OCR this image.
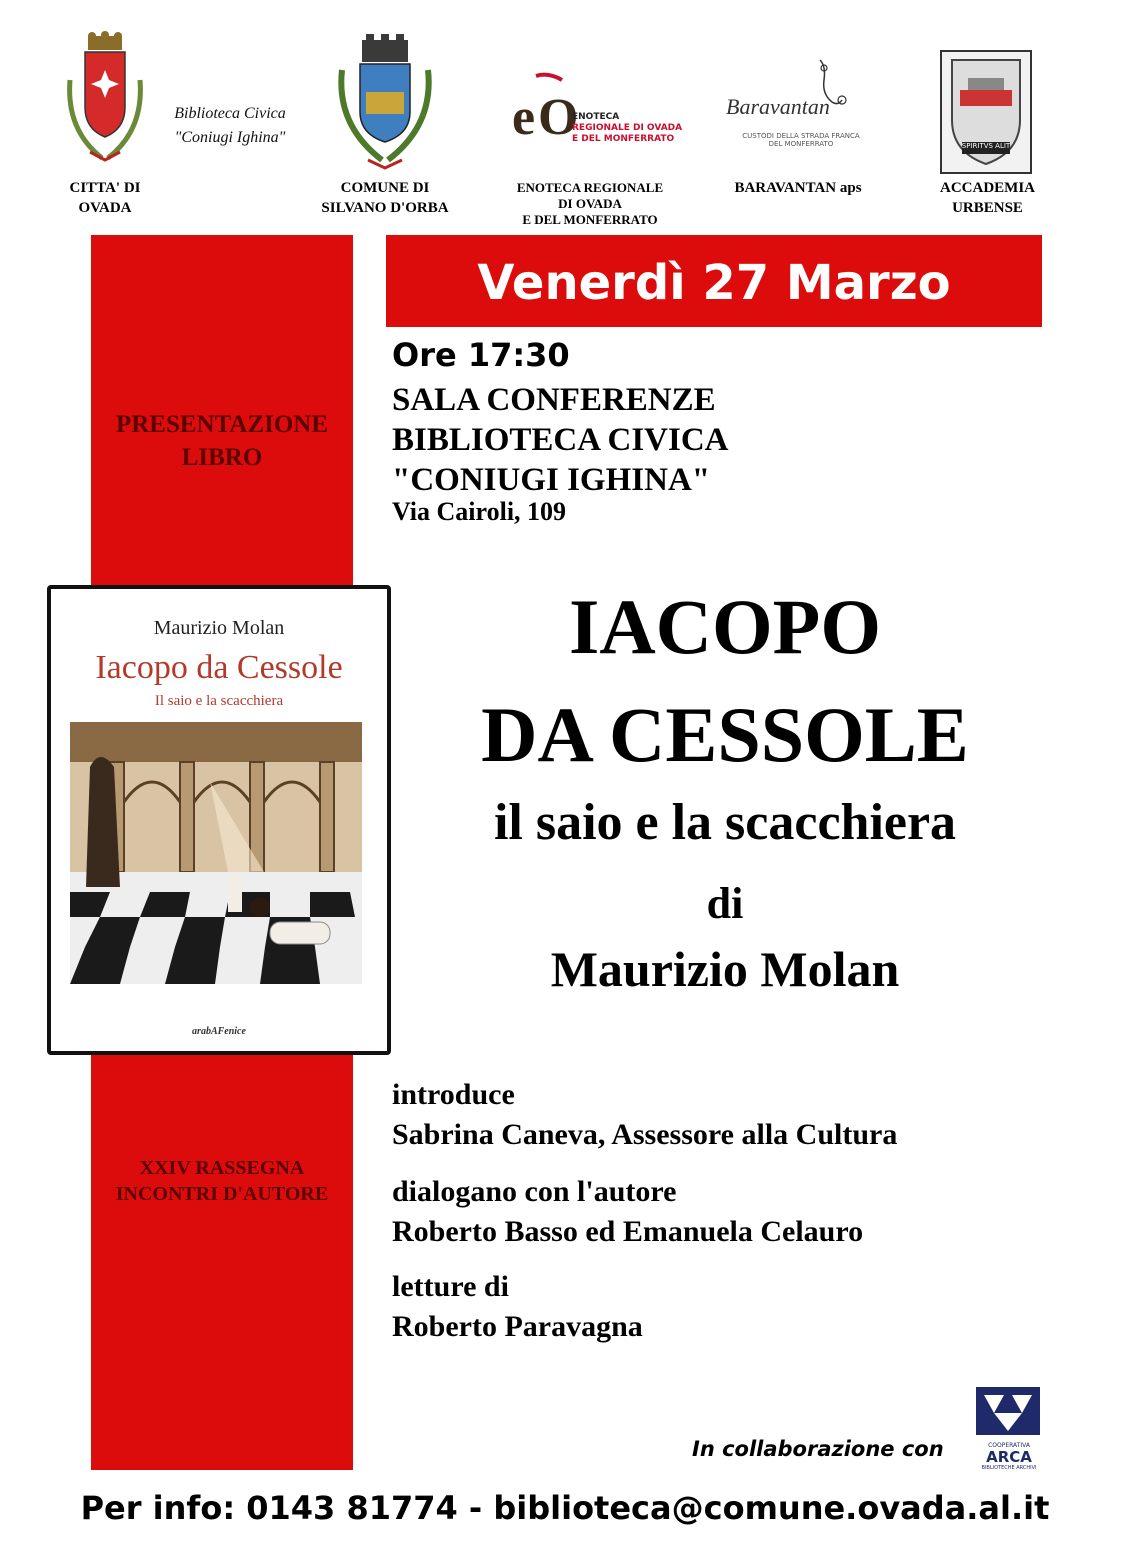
CITTA' DI
OVADA
Biblioteca Civica
"Coniugi Ighina"
COMUNE DI
SILVANO D'ORBA
e O
ENOTECA
REGIONALE DI OVADA
E DEL MONFERRATO
ENOTECA REGIONALE
DI OVADA
E DEL MONFERRATO
Baravantan
CUSTODI DELLA STRADA FRANCA
DEL MONFERRATO
BARAVANTAN aps
SPIRITVS ALIT
ACCADEMIA
URBENSE
PRESENTAZIONE
LIBRO
XXIV RASSEGNA
INCONTRI D'AUTORE
Venerdì 27 Marzo
Ore 17:30
SALA CONFERENZE
BIBLIOTECA CIVICA
"CONIUGI IGHINA"
Via Cairoli, 109
Maurizio Molan
Iacopo da Cessole
Il saio e la scacchiera
arabAFenice
IACOPO
DA CESSOLE
il saio e la scacchiera
di
Maurizio Molan
introduce
Sabrina Caneva, Assessore alla Cultura
dialogano con l'autore
Roberto Basso ed Emanuela Celauro
letture di
Roberto Paravagna
In collaborazione con	COOPERATIVA
ARCA
BIBLIOTECHE ARCHIVI
Per info: 0143 81774 - biblioteca@comune.ovada.al.it
